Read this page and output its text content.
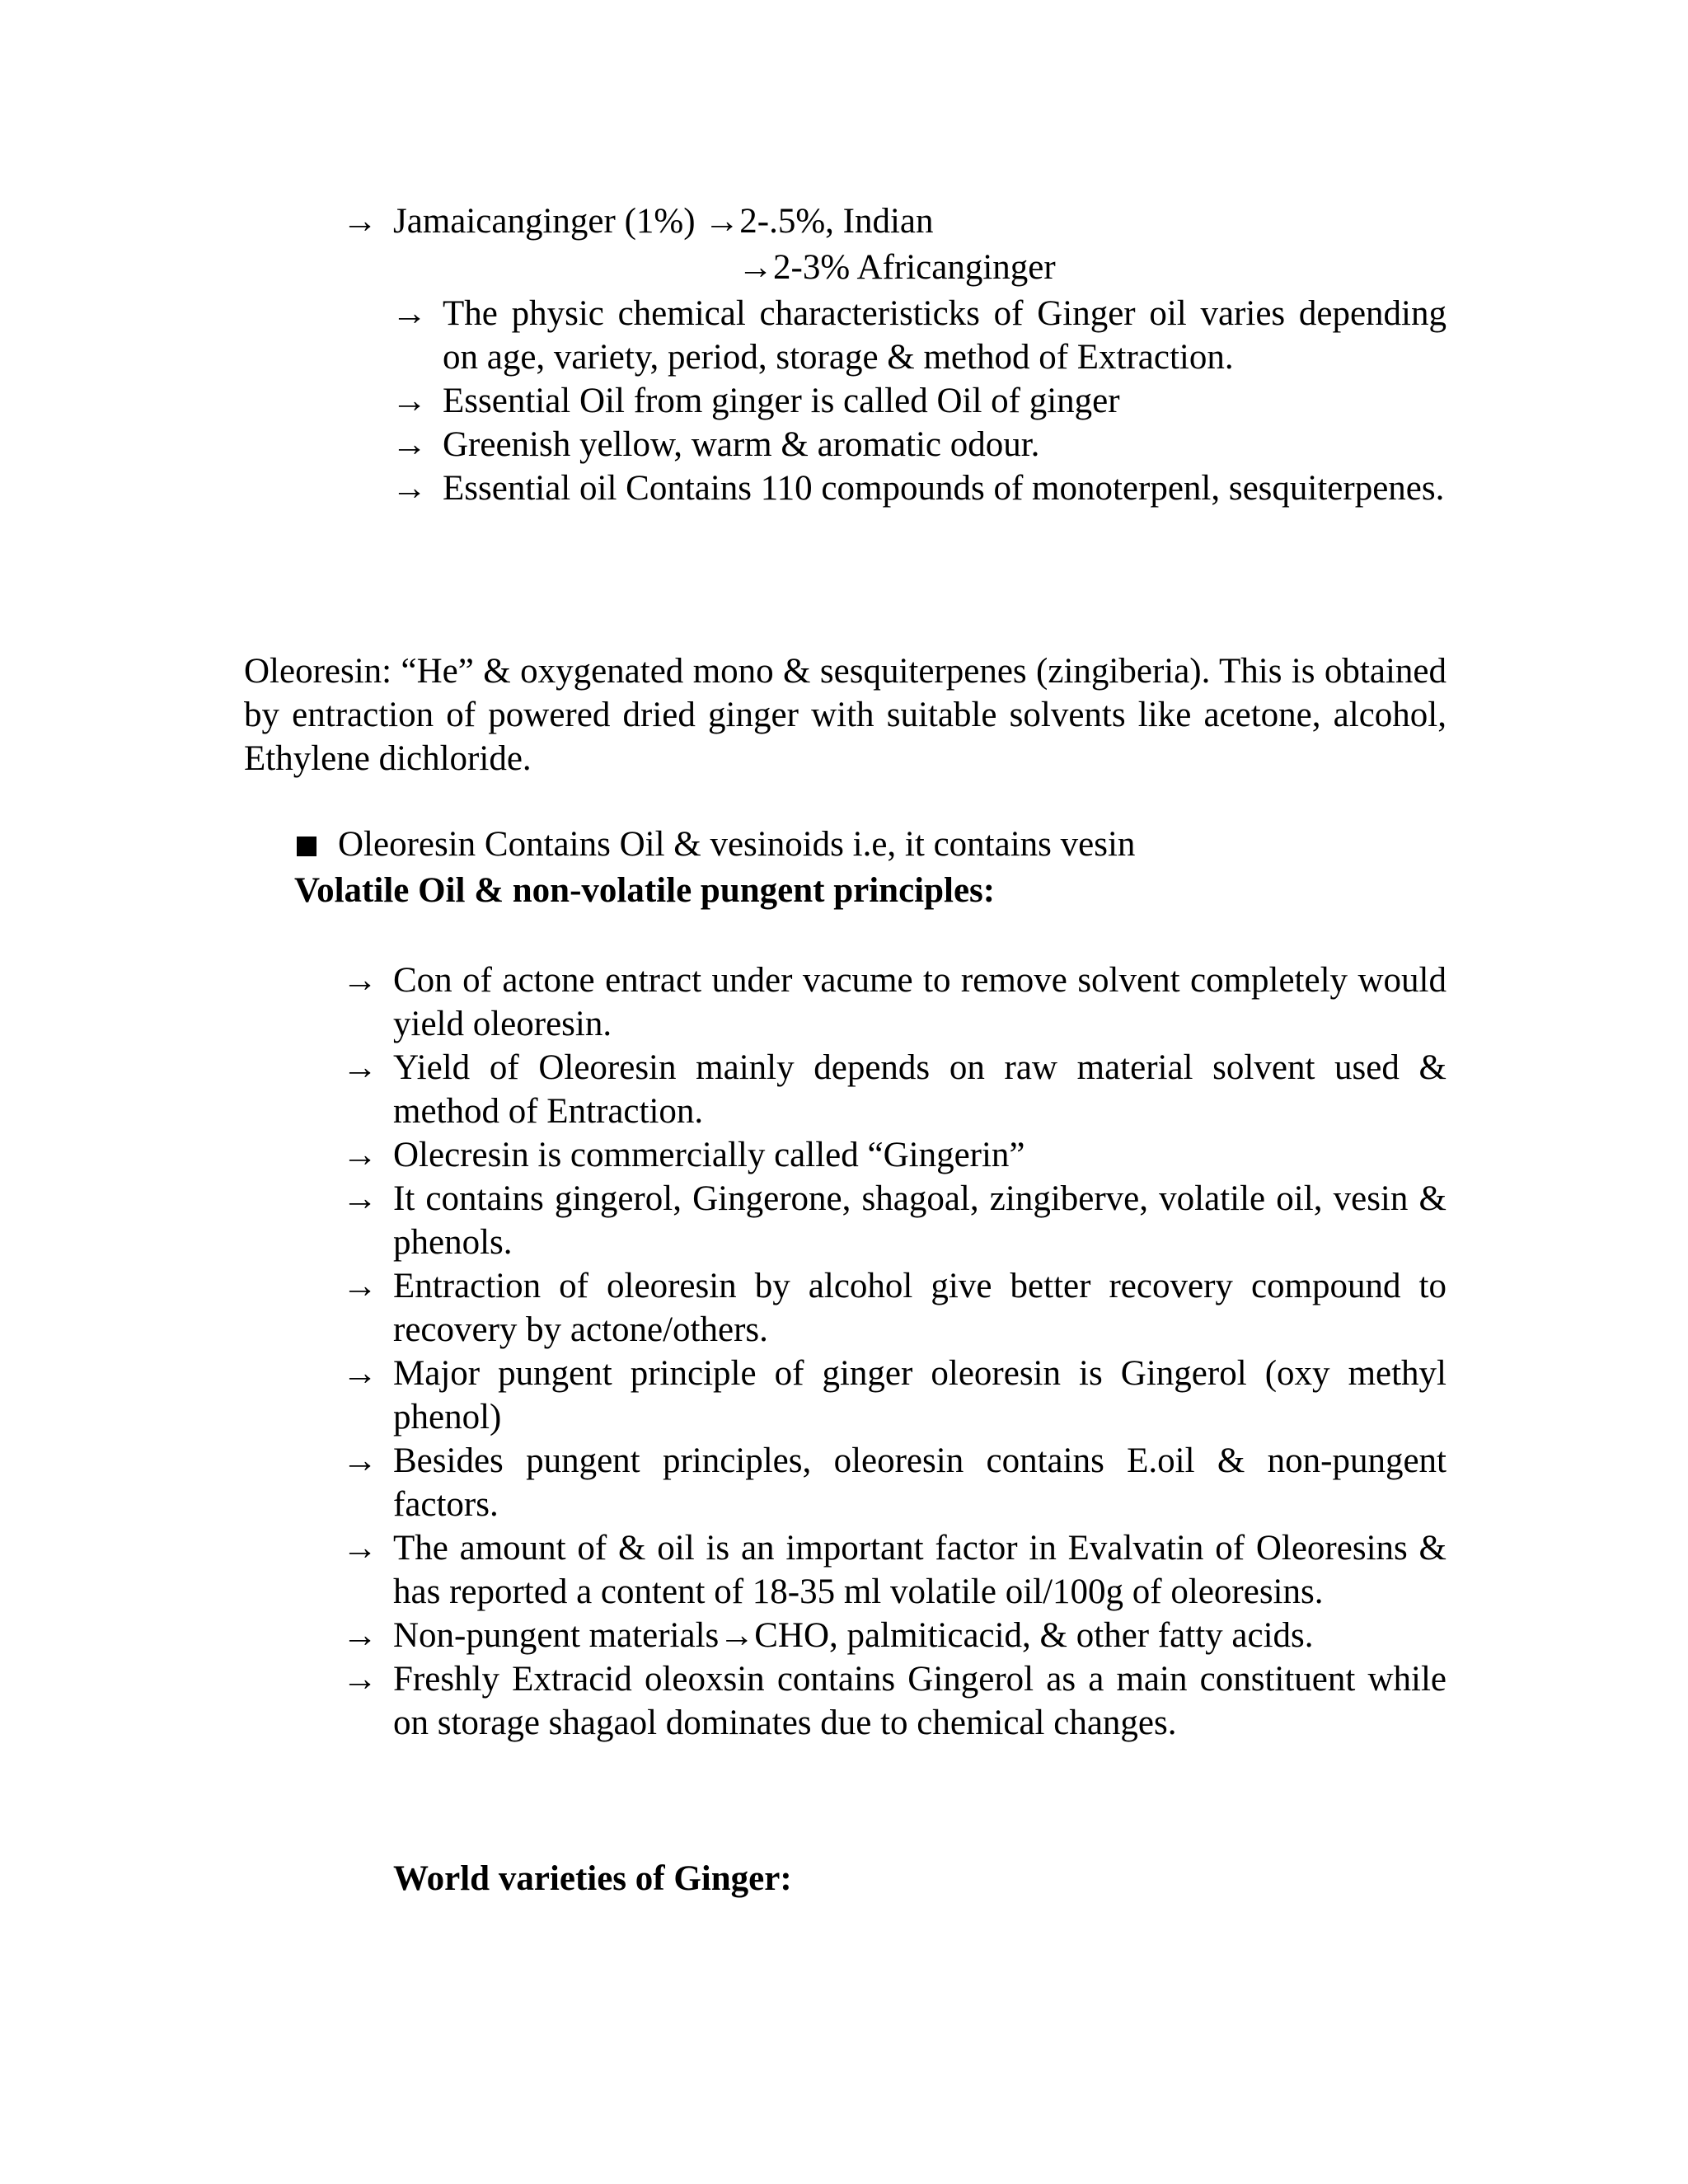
→ Jamaicanginger (1%) →2-.5%, Indian
→2-3% Africanginger
→ The physic chemical characteristicks of Ginger oil varies depending on age, variety, period, storage & method of Extraction.
→ Essential Oil from ginger is called Oil of ginger
→ Greenish yellow, warm & aromatic odour.
→ Essential oil Contains 110 compounds of monoterpenl, sesquiterpenes.
Oleoresin: “He” & oxygenated mono & sesquiterpenes (zingiberia). This is obtained by entraction of powered dried ginger with suitable solvents like acetone, alcohol, Ethylene dichloride.
Oleoresin Contains Oil & vesinoids i.e, it contains vesin
Volatile Oil & non-volatile pungent principles:
→ Con of actone entract under vacume to remove solvent completely would yield oleoresin.
→ Yield of Oleoresin mainly depends on raw material solvent used & method of Entraction.
→ Olecresin is commercially called “Gingerin”
→ It contains gingerol, Gingerone, shagoal, zingiberve, volatile oil, vesin & phenols.
→ Entraction of oleoresin by alcohol give better recovery compound to recovery by actone/others.
→ Major pungent principle of ginger oleoresin is Gingerol (oxy methyl phenol)
→ Besides pungent principles, oleoresin contains E.oil & non-pungent factors.
→ The amount of & oil is an important factor in Evalvatin of Oleoresins & has reported a content of 18-35 ml volatile oil/100g of oleoresins.
→ Non-pungent materials→CHO, palmiticacid, & other fatty acids.
→ Freshly Extracid oleoxsin contains Gingerol as a main constituent while on storage shagaol dominates due to chemical changes.
World varieties of Ginger:
